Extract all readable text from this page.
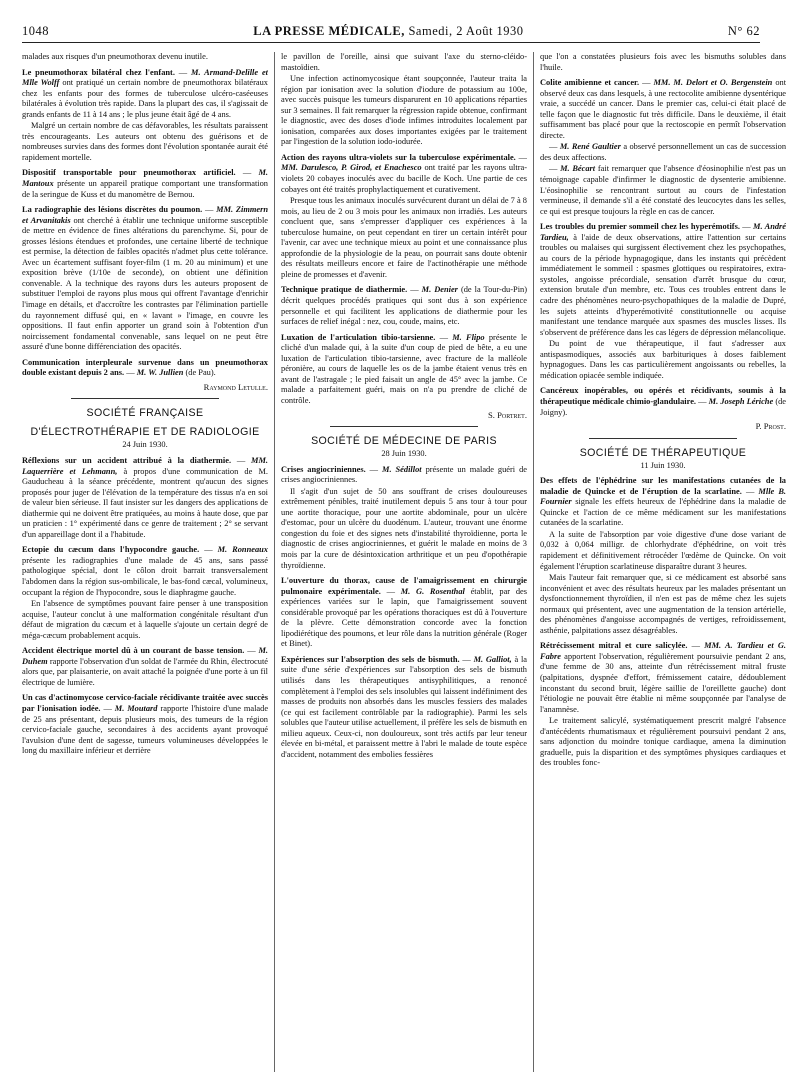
1048	LA PRESSE MÉDICALE, Samedi, 2 Août 1930	N° 62

malades aux risques d'un pneumothorax devenu inutile.

Le pneumothorax bilatéral chez l'enfant. — M. Armand-Delille et Mlle Wolff ont pratiqué un certain nombre de pneumothorax bilatéraux chez les enfants pour des formes de tuberculose ulcéro-caséeuses bilatérales à évolution très rapide. Dans la plupart des cas, il s'agissait de grands enfants de 11 à 14 ans ; le plus jeune était âgé de 4 ans.

Malgré un certain nombre de cas défavorables, les résultats paraissent très encourageants. Les auteurs ont obtenu des guérisons et de nombreuses survies dans des formes dont l'évolution spontanée aurait été rapidement mortelle.

Dispositif transportable pour pneumothorax artificiel. — M. Mantoux présente un appareil pratique comportant une transformation de la seringue de Kuss et du manomètre de Bernou.

La radiographie des lésions discrètes du poumon. — MM. Zimmern et Arvanitakis ont cherché à établir une technique uniforme susceptible de mettre en évidence de fines altérations du parenchyme. Si, pour de grosses lésions étendues et profondes, une certaine liberté de technique est permise, la détection de faibles opacités n'admet plus cette tolérance. Avec un écartement suffisant foyer-film (1 m. 20 au minimum) et une exposition brève (1/10e de seconde), on obtient une définition convenable. A la technique des rayons durs les auteurs proposent de substituer l'emploi de rayons plus mous qui offrent l'avantage d'enrichir l'image en détails, et d'accroître les contrastes par l'élimination partielle du rayonnement diffusé qui, en « lavant » l'image, en couvre les oppositions. Il faut enfin apporter un grand soin à l'obtention d'un noircissement fondamental convenable, sans lequel on ne peut être assuré d'une bonne différenciation des opacités.

Communication interpleurale survenue dans un pneumothorax double existant depuis 2 ans. — M. W. Jullien (de Pau).

Raymond Letulle.
SOCIÉTÉ FRANÇAISE
D'ÉLECTROTHÉRAPIE ET DE RADIOLOGIE
24 Juin 1930.

Réflexions sur un accident attribué à la diathermie. — MM. Laquerrière et Lehmann, à propos d'une communication de M. Gauducheau à la séance précédente, montrent qu'aucun des signes proposés pour juger de l'élévation de la température des tissus n'a en soi de valeur bien sérieuse. Il faut insister sur les dangers des applications de diathermie qui ne doivent être pratiquées, au moins à haute dose, que par un praticien : 1° expérimenté dans ce genre de traitement ; 2° se servant d'un appareillage dont il a l'habitude.

Ectopie du cæcum dans l'hypocondre gauche. — M. Ronneaux présente les radiographies d'une malade de 45 ans, sans passé pathologique spécial, dont le côlon droit barrait transversalement l'abdomen dans la région sus-ombilicale, le bas-fond cæcal, volumineux, occupant la région de l'hypocondre, sous le diaphragme gauche.

En l'absence de symptômes pouvant faire penser à une transposition acquise, l'auteur conclut à une malformation congénitale résultant d'un défaut de migration du cæcum et à laquelle s'ajoute un certain degré de méga-cæcum probablement acquis.

Accident électrique mortel dû à un courant de basse tension. — M. Duhem rapporte l'observation d'un soldat de l'armée du Rhin, électrocuté alors que, par plaisanterie, on avait attaché la poignée d'une porte à un fil électrique de lumière.

Un cas d'actinomycose cervico-faciale récidivante traitée avec succès par l'ionisation iodée. — M. Moutard rapporte l'histoire d'une malade de 25 ans présentant, depuis plusieurs mois, des tumeurs de la région cervico-faciale gauche, secondaires à des accidents ayant provoqué l'avulsion d'une dent de sagesse, tumeurs volumineuses développées le long du maxillaire inférieur et derrière

le pavillon de l'oreille, ainsi que suivant l'axe du sterno-cléido-mastoïdien.

Une infection actinomycosique étant soupçonnée, l'auteur traita la région par ionisation avec la solution d'iodure de potassium au 100e, avec succès puisque les tumeurs disparurent en 10 applications réparties sur 3 semaines. Il fait remarquer la régression rapide obtenue, confirmant le diagnostic, avec des doses d'iode infimes introduites localement par ionisation, comparées aux doses importantes exigées par le traitement par l'ingestion de la solution iodo-iodurée.

Action des rayons ultra-violets sur la tuberculose expérimentale. — MM. Darulesco, P. Girod, et Enachesco ont traité par les rayons ultra-violets 20 cobayes inoculés avec du bacille de Koch. Une partie de ces cobayes ont été traités prophylactiquement et curativement.

Presque tous les animaux inoculés survécurent durant un délai de 7 à 8 mois, au lieu de 2 ou 3 mois pour les animaux non irradiés. Les auteurs concluent que, sans s'empresser d'appliquer ces expériences à la tuberculose humaine, on peut cependant en tirer un certain intérêt pour l'avenir, car avec une technique mieux au point et une connaissance plus approfondie de la physiologie de la peau, on pourrait sans doute obtenir des résultats meilleurs encore et faire de l'actinothérapie une méthode pleine de promesses et d'avenir.

Technique pratique de diathermie. — M. Denier (de la Tour-du-Pin) décrit quelques procédés pratiques qui sont dus à son expérience personnelle et qui facilitent les applications de diathermie pour les surfaces de relief inégal : nez, cou, coude, mains, etc.

Luxation de l'articulation tibio-tarsienne. — M. Flipo présente le cliché d'un malade qui, à la suite d'un coup de pied de bête, a eu une luxation de l'articulation tibio-tarsienne, avec fracture de la malléole péronière, au cours de laquelle les os de la jambe étaient venus très en avant de l'astragale ; le pied faisait un angle de 45° avec la jambe. Ce malade a parfaitement guéri, mais on n'a pu prendre de cliché de contrôle.

S. Portret.
SOCIÉTÉ DE MÉDECINE DE PARIS
28 Juin 1930.

Crises angiocriniennes. — M. Sédillot présente un malade guéri de crises angiocriniennes.

Il s'agit d'un sujet de 50 ans souffrant de crises douloureuses extrêmement pénibles, traité inutilement depuis 5 ans tour à tour pour une aortite thoracique, pour une aortite abdominale, pour un ulcère d'estomac, pour un ulcère du duodénum. L'auteur, trouvant une énorme congestion du foie et des signes nets d'instabilité thyroïdienne, porta le diagnostic de crises angiocriniennes, et guérit le malade en moins de 3 mois par la cure de désintoxication arthritique et un peu d'opothérapie thyroïdienne.

L'ouverture du thorax, cause de l'amaigrissement en chirurgie pulmonaire expérimentale. — M. G. Rosenthal établit, par des expériences variées sur le lapin, que l'amaigrissement souvent considérable provoqué par les opérations thoraciques est dû à l'ouverture de la plèvre. Cette démonstration concorde avec la fonction lipodiérétique des poumons, et leur rôle dans la nutrition générale (Roger et Binet).

Expériences sur l'absorption des sels de bismuth. — M. Galliot, à la suite d'une série d'expériences sur l'absorption des sels de bismuth utilisés dans les thérapeutiques antisyphilitiques, a renoncé complètement à l'emploi des sels insolubles qui laissent indéfiniment des masses de produits non absorbés dans les muscles fessiers des malades (ce qui est facilement contrôlable par la radiographie). Parmi les sels solubles que l'auteur utilise actuellement, il préfère les sels de bismuth en milieu aqueux. Ceux-ci, non douloureux, sont très actifs par leur teneur élevée en bi-métal, et paraissent mettre à l'abri le malade de toute espèce d'accident, notamment des embolies fessières

que l'on a constatées plusieurs fois avec les bismuths solubles dans l'huile.

Colite amibienne et cancer. — MM. M. Delort et O. Bergenstein ont observé deux cas dans lesquels, à une rectocolite amibienne dysentérique vraie, a succédé un cancer. Dans le premier cas, celui-ci était placé de telle façon que le diagnostic fut très difficile. Dans le deuxième, il était suffisamment bas placé pour que la rectoscopie en permît l'observation directe.

— M. René Gaultier a observé personnellement un cas de succession des deux affections.

— M. Bécart fait remarquer que l'absence d'éosinophilie n'est pas un témoignage capable d'infirmer le diagnostic de dysenterie amibienne. L'éosinophilie se rencontrant surtout au cours de l'infestation vermineuse, il demande s'il a été constaté des leucocytes dans les selles, ce qui est presque toujours la règle en cas de cancer.

Les troubles du premier sommeil chez les hyperémotifs. — M. André Tardieu, à l'aide de deux observations, attire l'attention sur certains troubles ou malaises qui surgissent électivement chez les psychopathes, au cours de la période hypnagogique, dans les instants qui précèdent immédiatement le sommeil : spasmes glottiques ou respiratoires, extra-systoles, angoisse précordiale, sensation d'arrêt brusque du cœur, extension brutale d'un membre, etc. Tous ces troubles entrent dans le cadre des phénomènes neuro-psychopathiques de la maladie de Dupré, les sujets atteints d'hyperémotivité constitutionnelle ou acquise manifestant une tendance marquée aux spasmes des muscles lisses. Ils s'observent de préférence dans les cas légers de dépression mélancolique.

Du point de vue thérapeutique, il faut s'adresser aux antispasmodiques, associés aux barbituriques à doses faiblement hypnagogues. Dans les cas particulièrement angoissants ou rebelles, la médication opiacée semble indiquée.

Cancéreux inopérables, ou opérés et récidivants, soumis à la thérapeutique médicale chimio-glandulaire. — M. Joseph Lériche (de Joigny).

P. Prost.
SOCIÉTÉ DE THÉRAPEUTIQUE
11 Juin 1930.

Des effets de l'éphédrine sur les manifestations cutanées de la maladie de Quincke et de l'éruption de la scarlatine. — Mlle B. Fournier signale les effets heureux de l'éphédrine dans la maladie de Quincke et l'action de ce même médicament sur les manifestations cutanées de la scarlatine.

A la suite de l'absorption par voie digestive d'une dose variant de 0,032 à 0,064 milligr. de chlorhydrate d'éphédrine, on voit très rapidement et définitivement rétrocéder l'œdème de Quincke. On voit également l'éruption scarlatineuse disparaître durant 3 heures.

Mais l'auteur fait remarquer que, si ce médicament est absorbé sans inconvénient et avec des résultats heureux par les malades présentant un dysfonctionnement thyroïdien, il n'en est pas de même chez les sujets normaux qui présentent, avec une augmentation de la tension artérielle, des phénomènes d'angoisse accompagnés de vertiges, refroidissement, asthénie, palpitations assez désagréables.

Rétrécissement mitral et cure salicylée. — MM. A. Tardieu et G. Fabre apportent l'observation, régulièrement poursuivie pendant 2 ans, d'une femme de 30 ans, atteinte d'un rétrécissement mitral fruste (palpitations, dyspnée d'effort, frémissement cataire, dédoublement inconstant du second bruit, légère saillie de l'oreillette gauche) dont l'étiologie ne pouvait être établie ni même soupçonnée par l'analyse de l'anamnèse.

Le traitement salicylé, systématiquement prescrit malgré l'absence d'antécédents rhumatismaux et régulièrement poursuivi pendant 2 ans, sans adjonction du moindre tonique cardiaque, amena la diminution graduelle, puis la disparition et des symptômes physiques cardiaques et des troubles fonc-
